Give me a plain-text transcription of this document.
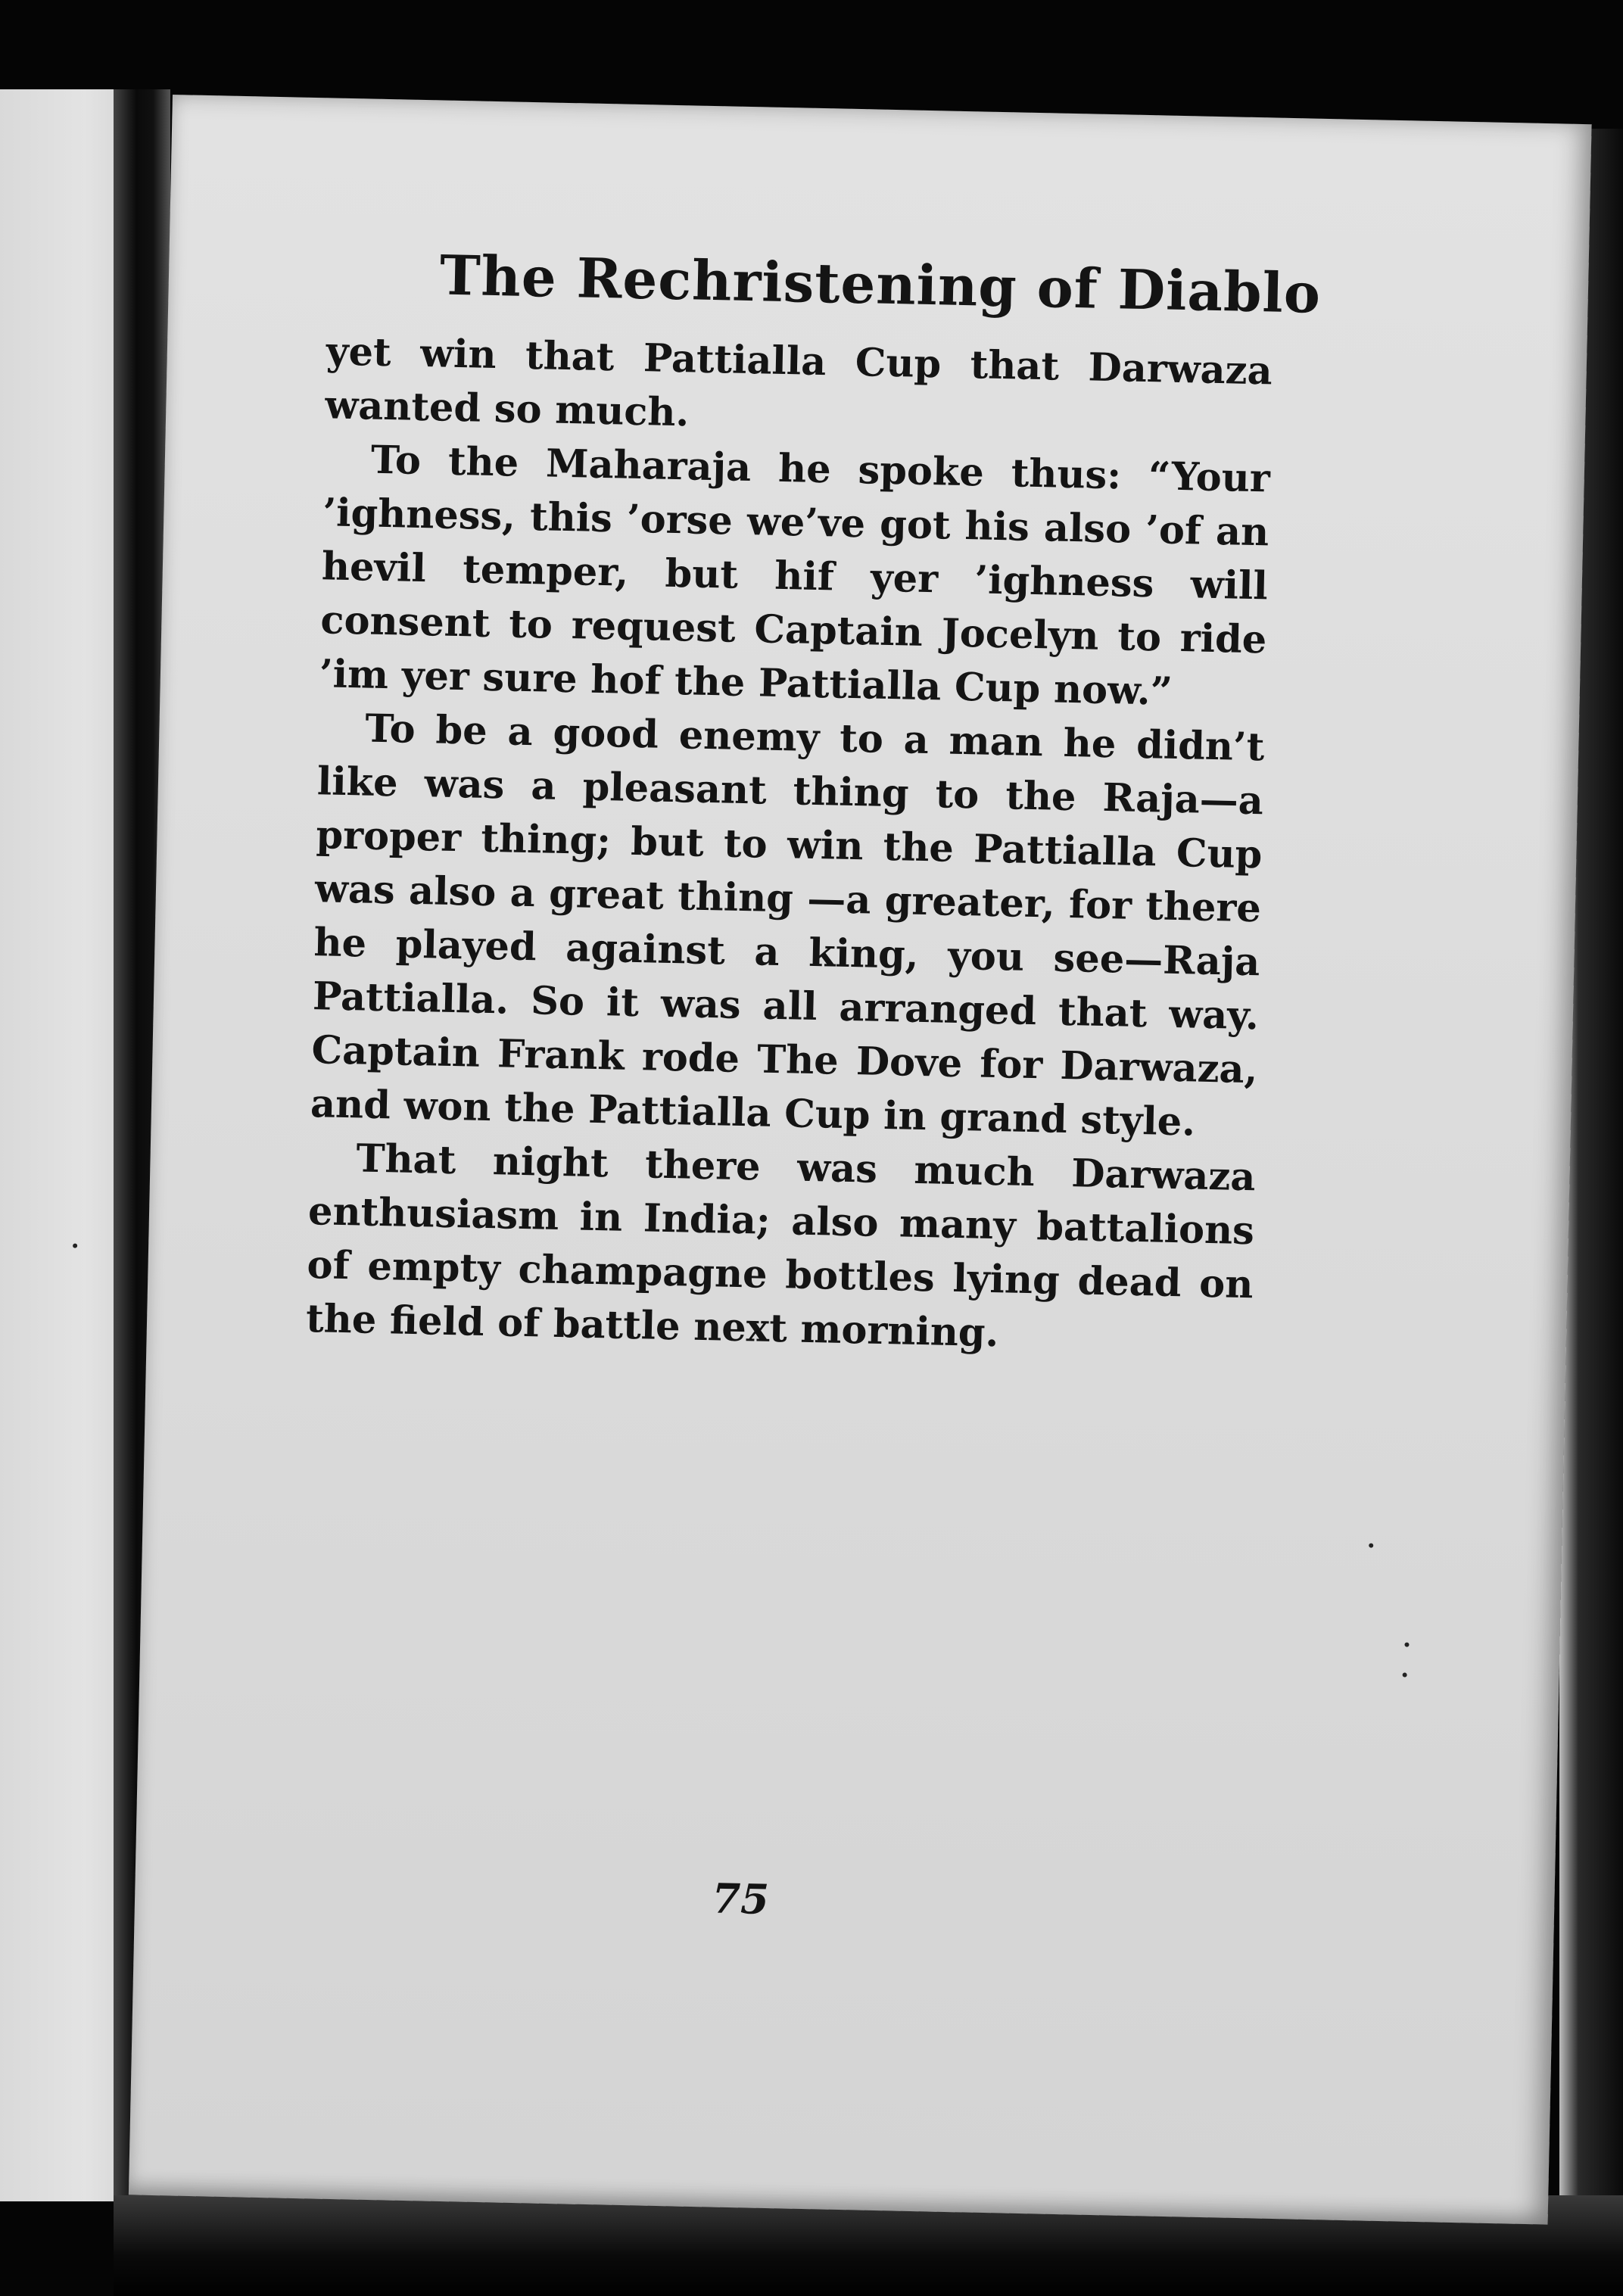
The Rechristening of Diablo

yet win that Pattialla Cup that Darwaza wanted so much.

To the Maharaja he spoke thus: “Your ’ighness, this ’orse we’ve got his also ’of an hevil temper, but hif yer ’ighness will consent to request Captain Jocelyn to ride ’im yer sure hof the Pattialla Cup now.”

To be a good enemy to a man he didn’t like was a pleasant thing to the Raja—a proper thing; but to win the Pattialla Cup was also a great thing —a greater, for there he played against a king, you see—Raja Pattialla. So it was all arranged that way. Captain Frank rode The Dove for Darwaza, and won the Pattialla Cup in grand style.

That night there was much Darwaza enthusiasm in India; also many battalions of empty champagne bottles lying dead on the field of battle next morning.

75
